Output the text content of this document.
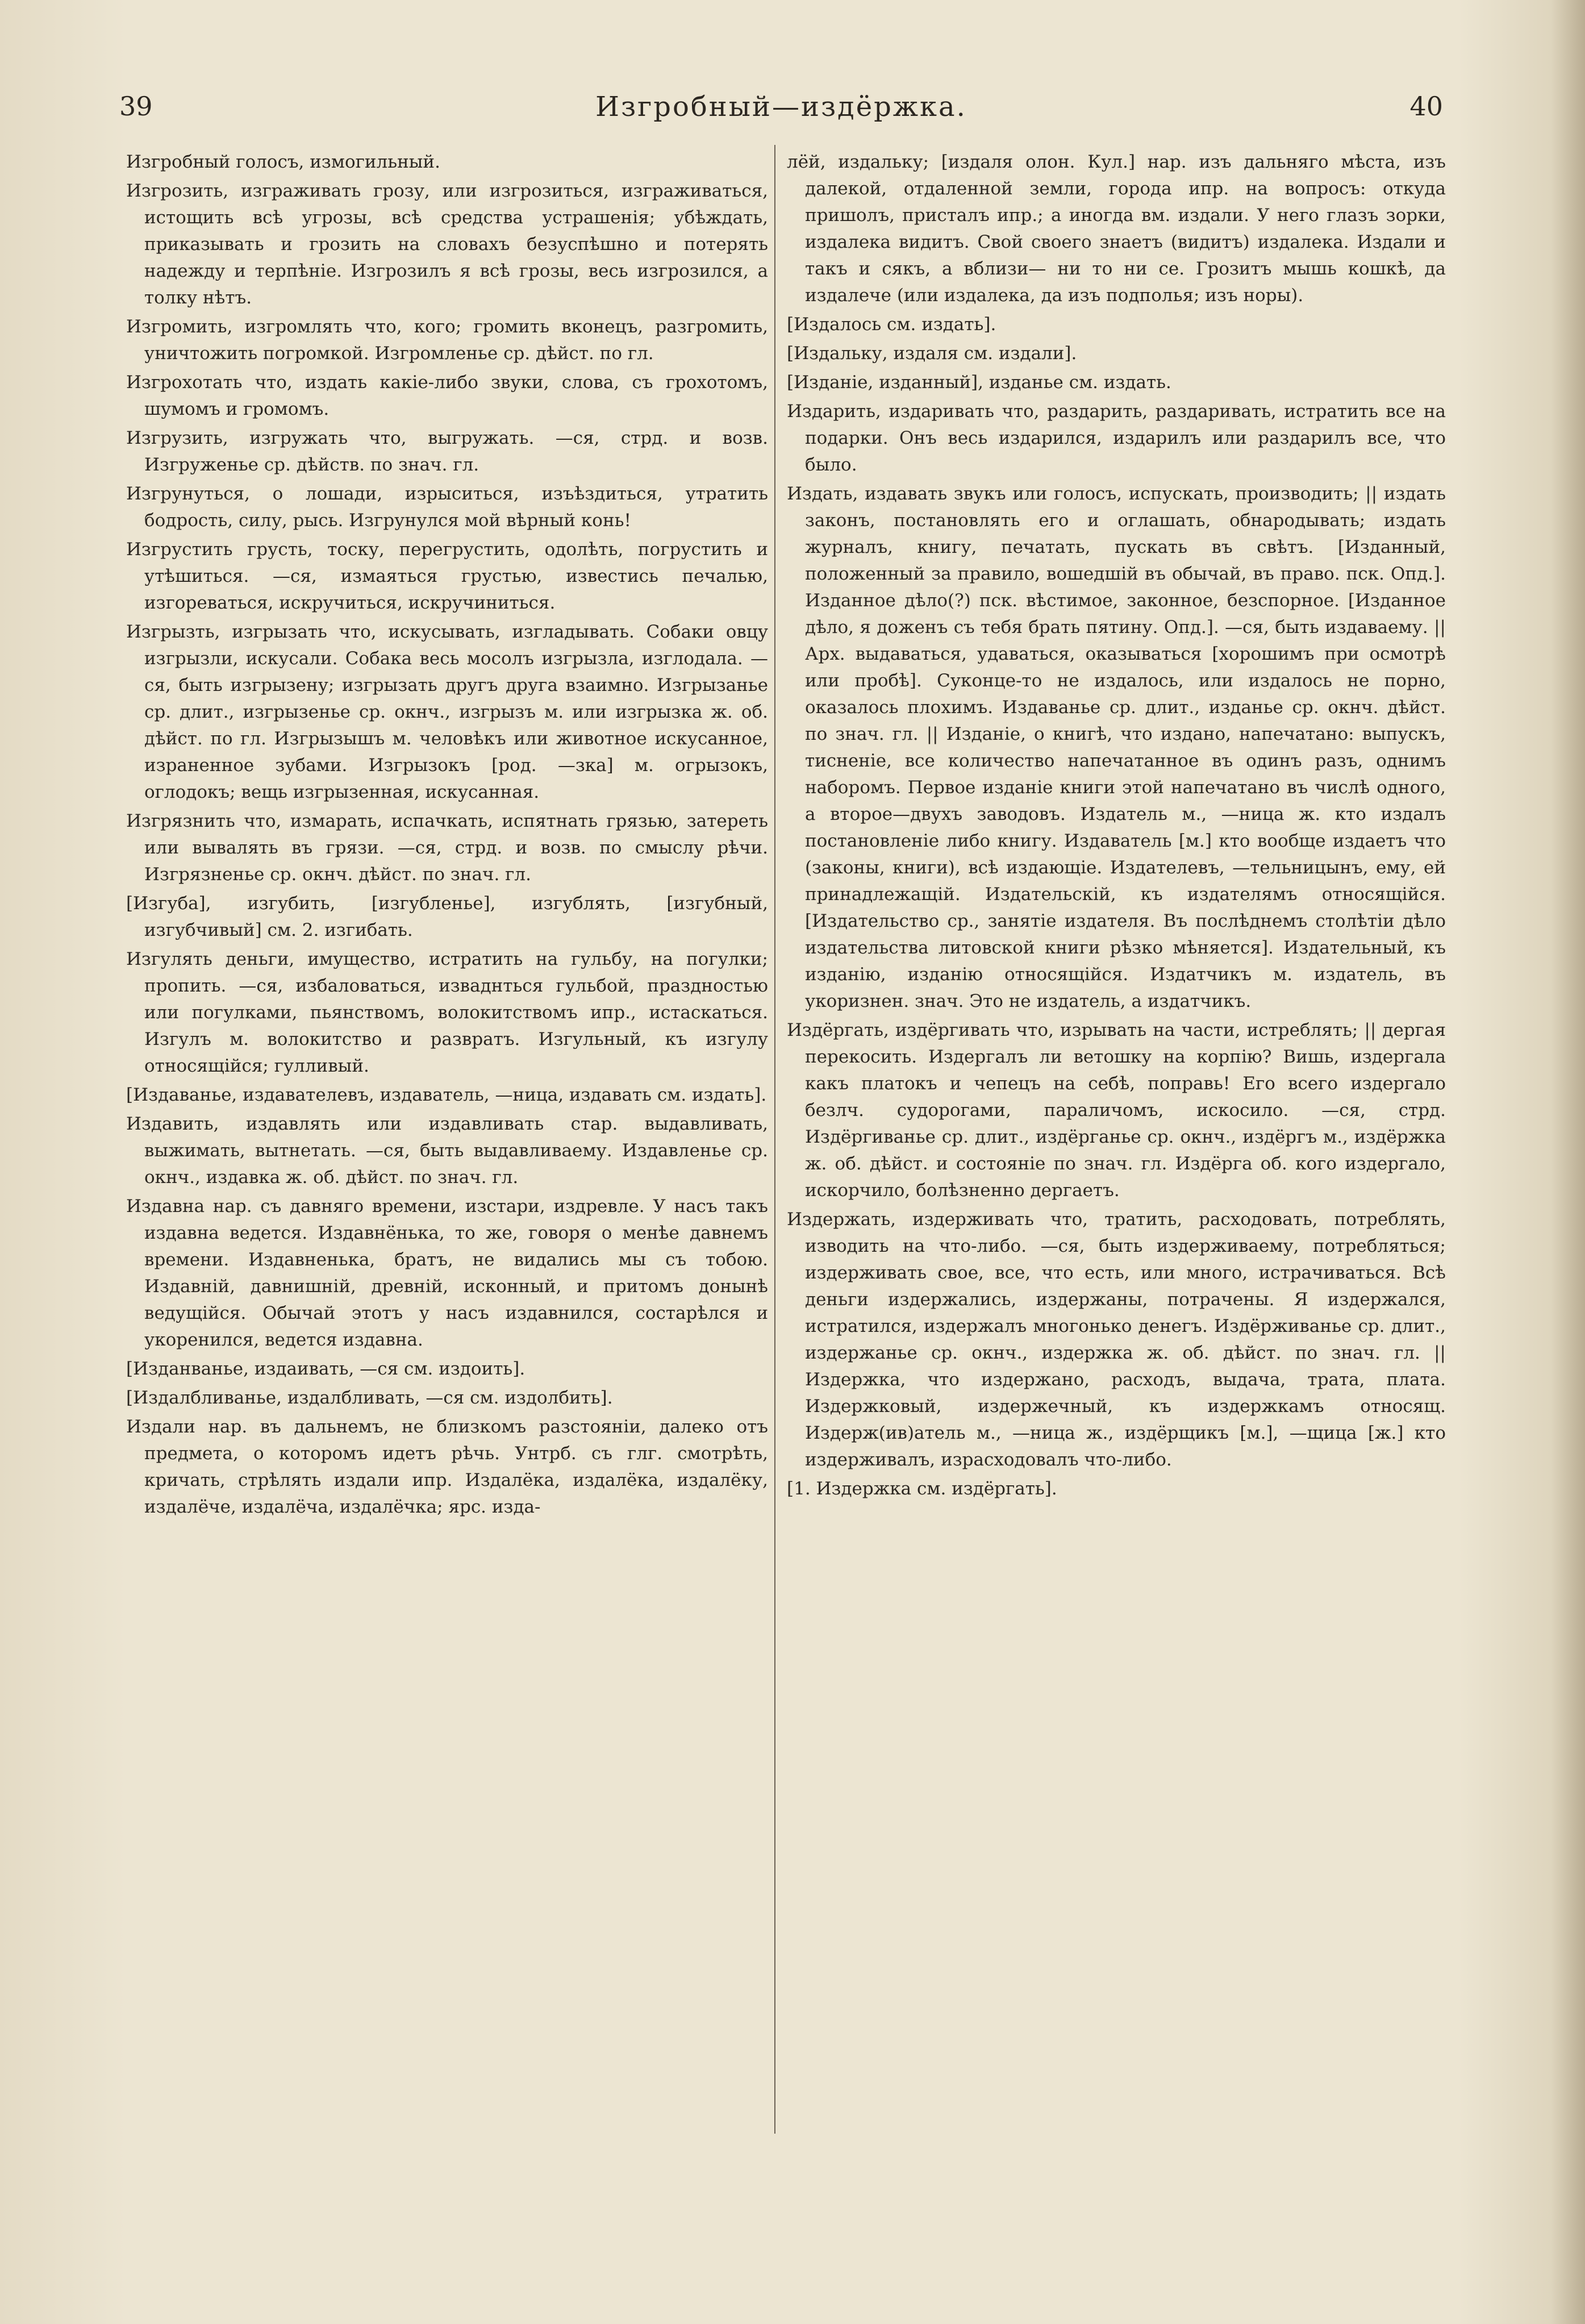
39	Изгробный—издёржка.	40

Изгробный голосъ, измогильный.

Изгрозить, изграживать грозу, или изгрозиться, изграживаться, истощить всѣ угрозы, всѣ средства устрашенія; убѣждать, приказывать и грозить на словахъ безуспѣшно и потерять надежду и терпѣніе. Изгрозилъ я всѣ грозы, весь изгрозился, а толку нѣтъ.

Изгромить, изгромлять что, кого; громить вконецъ, разгромить, уничтожить погромкой. Изгромленье ср. дѣйст. по гл.

Изгрохотать что, издать какіе-либо звуки, слова, съ грохотомъ, шумомъ и громомъ.

Изгрузить, изгружать что, выгружать. —ся, стрд. и возв. Изгруженье ср. дѣйств. по знач. гл.

Изгрунуться, о лошади, изрыситься, изъѣздиться, утратить бодрость, силу, рысь. Изгрунулся мой вѣрный конь!

Изгрустить грусть, тоску, перегрустить, одолѣть, погрустить и утѣшиться. —ся, измаяться грустью, известись печалью, изгореваться, искручиться, искручиниться.

Изгрызть, изгрызать что, искусывать, изгладывать. Собаки овцу изгрызли, искусали. Собака весь мосолъ изгрызла, изглодала. —ся, быть изгрызену; изгрызать другъ друга взаимно. Изгрызанье ср. длит., изгрызенье ср. окнч., изгрызъ м. или изгрызка ж. об. дѣйст. по гл. Изгрызышъ м. человѣкъ или животное искусанное, израненное зубами. Изгрызокъ [род. —зка] м. огрызокъ, оглодокъ; вещь изгрызенная, искусанная.

Изгрязнить что, измарать, испачкать, испятнать грязью, затереть или вывалять въ грязи. —ся, стрд. и возв. по смыслу рѣчи. Изгрязненье ср. окнч. дѣйст. по знач. гл.

[Изгуба], изгубить, [изгубленье], изгублять, [изгубный, изгубчивый] см. 2. изгибать.

Изгулять деньги, имущество, истратить на гульбу, на погулки; пропить. —ся, избаловаться, изваднться гульбой, праздностью или погулками, пьянствомъ, волокитствомъ ипр., истаскаться. Изгулъ м. волокитство и развратъ. Изгульный, къ изгулу относящійся; гулливый.

[Издаванье, издавателевъ, издаватель, —ница, издавать см. издать].

Издавить, издавлять или издавливать стар. выдавливать, выжимать, вытнетать. —ся, быть выдавливаему. Издавленье ср. окнч., издавка ж. об. дѣйст. по знач. гл.

Издавна нар. съ давняго времени, изстари, издревле. У насъ такъ издавна ведется. Издавнёнька, то же, говоря о менѣе давнемъ времени. Издавненька, братъ, не видались мы съ тобою. Издавній, давнишній, древній, исконный, и притомъ донынѣ ведущійся. Обычай этотъ у насъ издавнился, состарѣлся и укоренился, ведется издавна.

[Изданванье, издаивать, —ся см. издоить].

[Издалбливанье, издалбливать, —ся см. издолбить].

Издали нар. въ дальнемъ, не близкомъ разстояніи, далеко отъ предмета, о которомъ идетъ рѣчь. Унтрб. съ глг. смотрѣть, кричать, стрѣлять издали ипр. Издалёка, издалёка, издалёку, издалёче, издалёча, издалёчка; ярс. изда-

лёй, издальку; [издаля олон. Кул.] нар. изъ дальняго мѣста, изъ далекой, отдаленной земли, города ипр. на вопросъ: откуда пришолъ, присталъ ипр.; а иногда вм. издали. У него глазъ зорки, издалека видитъ. Свой своего знаетъ (видитъ) издалека. Издали и такъ и сякъ, а вблизи— ни то ни се. Грозитъ мышь кошкѣ, да издалече (или издалека, да изъ подполья; изъ норы).

[Издалось см. издать].

[Издальку, издаля см. издали].

[Изданіе, изданный], изданье см. издать.

Издарить, издаривать что, раздарить, раздаривать, истратить все на подарки. Онъ весь издарился, издарилъ или раздарилъ все, что было.

Издать, издавать звукъ или голосъ, испускать, производить; || издать законъ, постановлять его и оглашать, обнародывать; издать журналъ, книгу, печатать, пускать въ свѣтъ. [Изданный, положенный за правило, вошедшій въ обычай, въ право. пск. Опд.]. Изданное дѣло(?) пск. вѣстимое, законное, безспорное. [Изданное дѣло, я доженъ съ тебя брать пятину. Опд.]. —ся, быть издаваему. || Арх. выдаваться, удаваться, оказываться [хорошимъ при осмотрѣ или пробѣ]. Суконце-то не издалось, или издалось не порно, оказалось плохимъ. Издаванье ср. длит., изданье ср. окнч. дѣйст. по знач. гл. || Изданіе, о книгѣ, что издано, напечатано: выпускъ, тисненіе, все количество напечатанное въ одинъ разъ, однимъ наборомъ. Первое изданіе книги этой напечатано въ числѣ одного, а второе—двухъ заводовъ. Издатель м., —ница ж. кто издалъ постановленіе либо книгу. Издаватель [м.] кто вообще издаетъ что (законы, книги), всѣ издающіе. Издателевъ, —тельницынъ, ему, ей принадлежащій. Издательскій, къ издателямъ относящійся. [Издательство ср., занятіе издателя. Въ послѣднемъ столѣтіи дѣло издательства литовской книги рѣзко мѣняется]. Издательный, къ изданію, изданію относящійся. Издатчикъ м. издатель, въ укоризнен. знач. Это не издатель, а издатчикъ.

Издёргать, издёргивать что, изрывать на части, истреблять; || дергая перекосить. Издергалъ ли ветошку на корпію? Вишь, издергала какъ платокъ и чепецъ на себѣ, поправь! Его всего издергало безлч. судорогами, параличомъ, искосило. —ся, стрд. Издёргиванье ср. длит., издёрганье ср. окнч., издёргъ м., издёржка ж. об. дѣйст. и состояніе по знач. гл. Издёрга об. кого издергало, искорчило, болѣзненно дергаетъ.

Издержать, издерживать что, тратить, расходовать, потреблять, изводить на что-либо. —ся, быть издерживаему, потребляться; издерживать свое, все, что есть, или много, истрачиваться. Всѣ деньги издержались, издержаны, потрачены. Я издержался, истратился, издержалъ многонько денегъ. Издёрживанье ср. длит., издержанье ср. окнч., издержка ж. об. дѣйст. по знач. гл. || Издержка, что издержано, расходъ, выдача, трата, плата. Издержковый, издержечный, къ издержкамъ относящ. Издерж(ив)атель м., —ница ж., издёрщикъ [м.], —щица [ж.] кто издерживалъ, израсходовалъ что-либо.

[1. Издержка см. издёргать].
